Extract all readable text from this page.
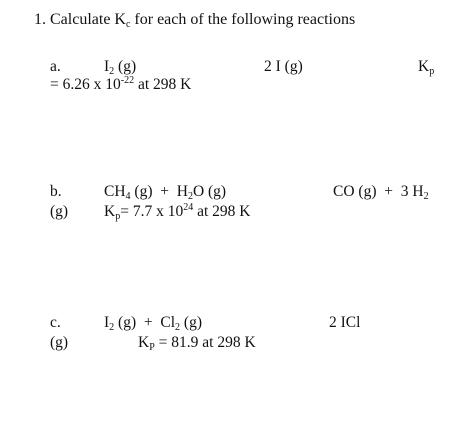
1. Calculate $K_c$ for each of the following reactions
a.	$I_2$ (g)	2 I (g)	$K_p$
= 6.26 x $10^{-22}$ at 298 K
b.	$CH_4$ $(g) + H_2O$ (g)	CO (g) + 3 $H_2$
(g) $K_p= 7.7$ x $10^{24}$ at 298 K
c.	$I_2$ $(g) + Cl_2$ (g)	2 ICl
(g)	$K_P = 81.9$ at 298 K
